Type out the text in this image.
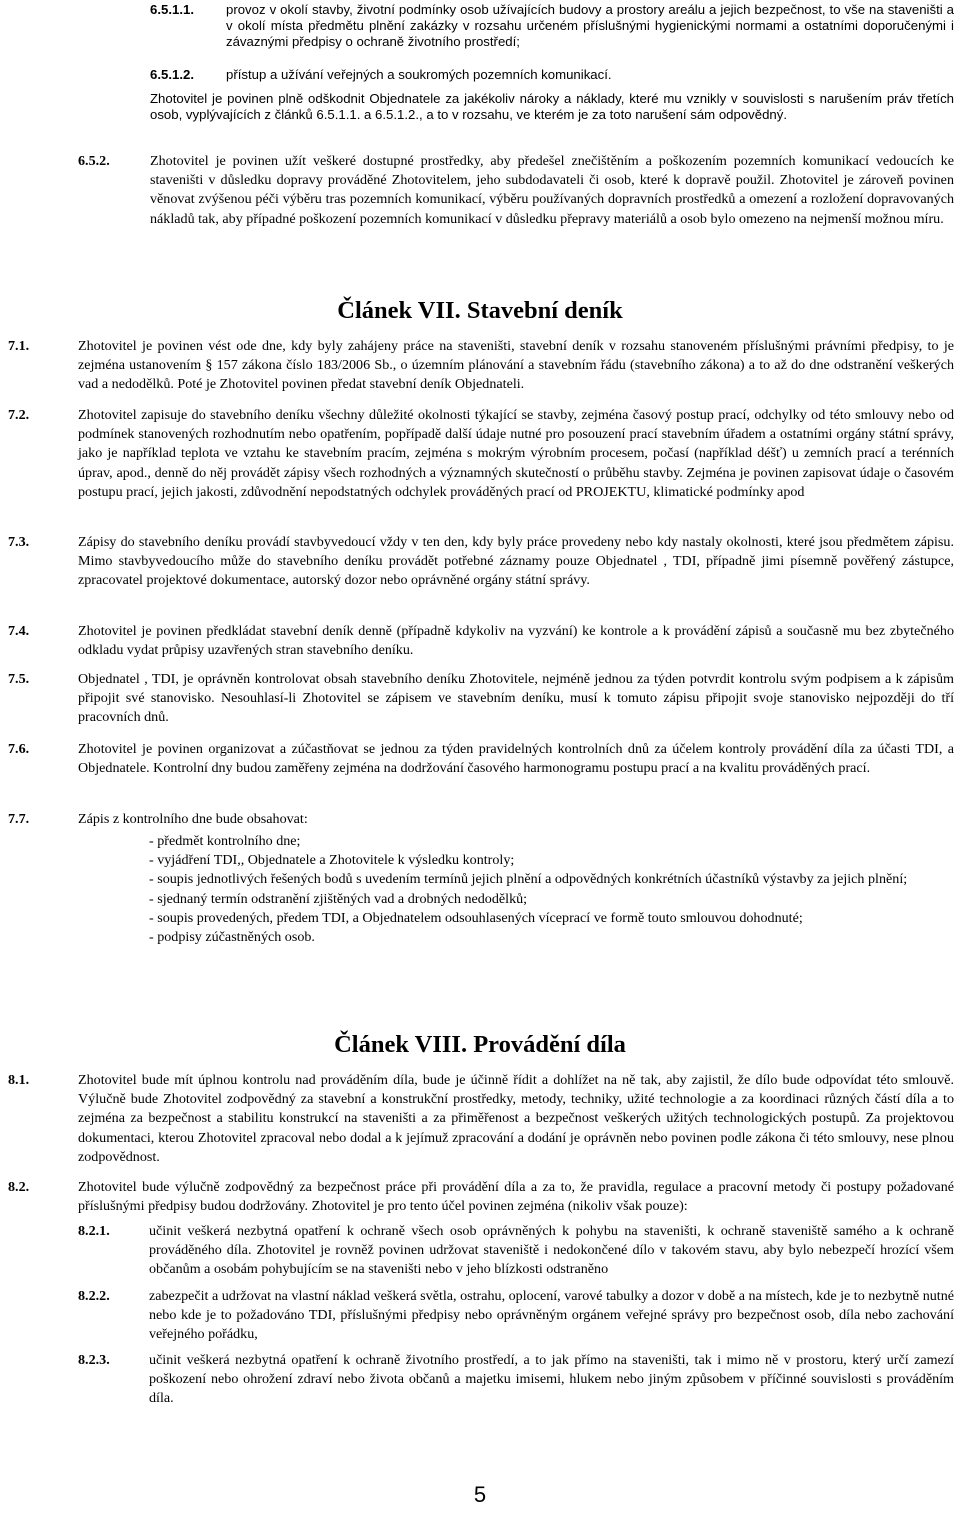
6.5.1.1. provoz v okolí stavby, životní podmínky osob užívajících budovy a prostory areálu a jejich bezpečnost, to vše na staveništi a v okolí místa předmětu plnění zakázky v rozsahu určeném příslušnými hygienickými normami a ostatními doporučenými i závaznými předpisy o ochraně životního prostředí;
6.5.1.2. přístup a užívání veřejných a soukromých pozemních komunikací.
Zhotovitel je povinen plně odškodnit Objednatele za jakékoliv nároky a náklady, které mu vznikly v souvislosti s narušením práv třetích osob, vyplývajících z článků 6.5.1.1. a 6.5.1.2., a to v rozsahu, ve kterém je za toto narušení sám odpovědný.
6.5.2.	Zhotovitel je povinen užít veškeré dostupné prostředky, aby předešel znečištěním a poškozením pozemních komunikací vedoucích ke staveništi v důsledku dopravy prováděné Zhotovitelem, jeho subdodavateli či osob, které k dopravě použil. Zhotovitel je zároveň povinen věnovat zvýšenou péči výběru tras pozemních komunikací, výběru používaných dopravních prostředků a omezení a rozložení dopravovaných nákladů tak, aby případné poškození pozemních komunikací v důsledku přepravy materiálů a osob bylo omezeno na nejmenší možnou míru.
Článek VII. Stavební deník
7.1.	Zhotovitel je povinen vést ode dne, kdy byly zahájeny práce na staveništi, stavební deník v rozsahu stanoveném příslušnými právními předpisy, to je zejména ustanovením § 157 zákona číslo 183/2006 Sb., o územním plánování a stavebním řádu (stavebního zákona) a to až do dne odstranění veškerých vad a nedodělků. Poté je Zhotovitel povinen předat stavební deník Objednateli.
7.2.	Zhotovitel zapisuje do stavebního deníku všechny důležité okolnosti týkající se stavby, zejména časový postup prací, odchylky od této smlouvy nebo od podmínek stanovených rozhodnutím nebo opatřením, popřípadě další údaje nutné pro posouzení prací stavebním úřadem a ostatními orgány státní správy, jako je například teplota ve vztahu ke stavebním pracím, zejména s mokrým výrobním procesem, počasí (například déšť) u zemních prací a terénních úprav, apod., denně do něj provádět zápisy všech rozhodných a významných skutečností o průběhu stavby. Zejména je povinen zapisovat údaje o časovém postupu prací, jejich jakosti, zdůvodnění nepodstatných odchylek prováděných prací od PROJEKTU, klimatické podmínky apod
7.3.	Zápisy do stavebního deníku provádí stavbyvedoucí vždy v ten den, kdy byly práce provedeny nebo kdy nastaly okolnosti, které jsou předmětem zápisu. Mimo stavbyvedoucího může do stavebního deníku provádět potřebné záznamy pouze Objednatel , TDI, případně jimi písemně pověřený zástupce, zpracovatel projektové dokumentace, autorský dozor nebo oprávněné orgány státní správy.
7.4.	Zhotovitel je povinen předkládat stavební deník denně (případně kdykoliv na vyzvání) ke kontrole a k provádění zápisů a současně mu bez zbytečného odkladu vydat průpisy uzavřených stran stavebního deníku.
7.5.	Objednatel , TDI, je oprávněn kontrolovat obsah stavebního deníku Zhotovitele, nejméně jednou za týden potvrdit kontrolu svým podpisem a k zápisům připojit své stanovisko. Nesouhlasí-li Zhotovitel se zápisem ve stavebním deníku, musí k tomuto zápisu připojit svoje stanovisko nejpozději do tří pracovních dnů.
7.6.	Zhotovitel je povinen organizovat a zúčastňovat se jednou za týden pravidelných kontrolních dnů za účelem kontroly provádění díla za účasti TDI, a Objednatele. Kontrolní dny budou zaměřeny zejména na dodržování časového harmonogramu postupu prací a na kvalitu prováděných prací.
7.7.	Zápis z kontrolního dne bude obsahovat:
- předmět kontrolního dne;
- vyjádření TDI,, Objednatele a Zhotovitele k výsledku kontroly;
- soupis jednotlivých řešených bodů s uvedením termínů jejich plnění a odpovědných konkrétních účastníků výstavby za jejich plnění;
- sjednaný termín odstranění zjištěných vad a drobných nedodělků;
- soupis provedených, předem TDI, a Objednatelem odsouhlasených víceprací ve formě touto smlouvou dohodnuté;
- podpisy zúčastněných osob.
Článek VIII. Provádění díla
8.1.	Zhotovitel bude mít úplnou kontrolu nad prováděním díla, bude je účinně řídit a dohlížet na ně tak, aby zajistil, že dílo bude odpovídat této smlouvě. Výlučně bude Zhotovitel zodpovědný za stavební a konstrukční prostředky, metody, techniky, užité technologie a za koordinaci různých částí díla a to zejména za bezpečnost a stabilitu konstrukcí na staveništi a za přiměřenost a bezpečnost veškerých užitých technologických postupů. Za projektovou dokumentaci, kterou Zhotovitel zpracoval nebo dodal a k jejímuž zpracování a dodání je oprávněn nebo povinen podle zákona či této smlouvy, nese plnou zodpovědnost.
8.2.	Zhotovitel bude výlučně zodpovědný za bezpečnost práce při provádění díla a za to, že pravidla, regulace a pracovní metody či postupy požadované příslušnými předpisy budou dodržovány. Zhotovitel je pro tento účel povinen zejména (nikoliv však pouze):
8.2.1.	učinit veškerá nezbytná opatření k ochraně všech osob oprávněných k pohybu na staveništi, k ochraně staveniště samého a k ochraně prováděného díla. Zhotovitel je rovněž povinen udržovat staveniště i nedokončené dílo v takovém stavu, aby bylo nebezpečí hrozící všem občanům a osobám pohybujícím se na staveništi nebo v jeho blízkosti odstraněno
8.2.2.	zabezpečit a udržovat na vlastní náklad veškerá světla, ostrahu, oplocení, varové tabulky a dozor v době a na místech, kde je to nezbytně nutné nebo kde je to požadováno TDI, příslušnými předpisy nebo oprávněným orgánem veřejné správy pro bezpečnost osob, díla nebo zachování veřejného pořádku,
8.2.3.	učinit veškerá nezbytná opatření k ochraně životního prostředí, a to jak přímo na staveništi, tak i mimo ně v prostoru, který určí zamezí poškození nebo ohrožení zdraví nebo života občanů a majetku imisemi, hlukem nebo jiným způsobem v příčinné souvislosti s prováděním díla.
5
